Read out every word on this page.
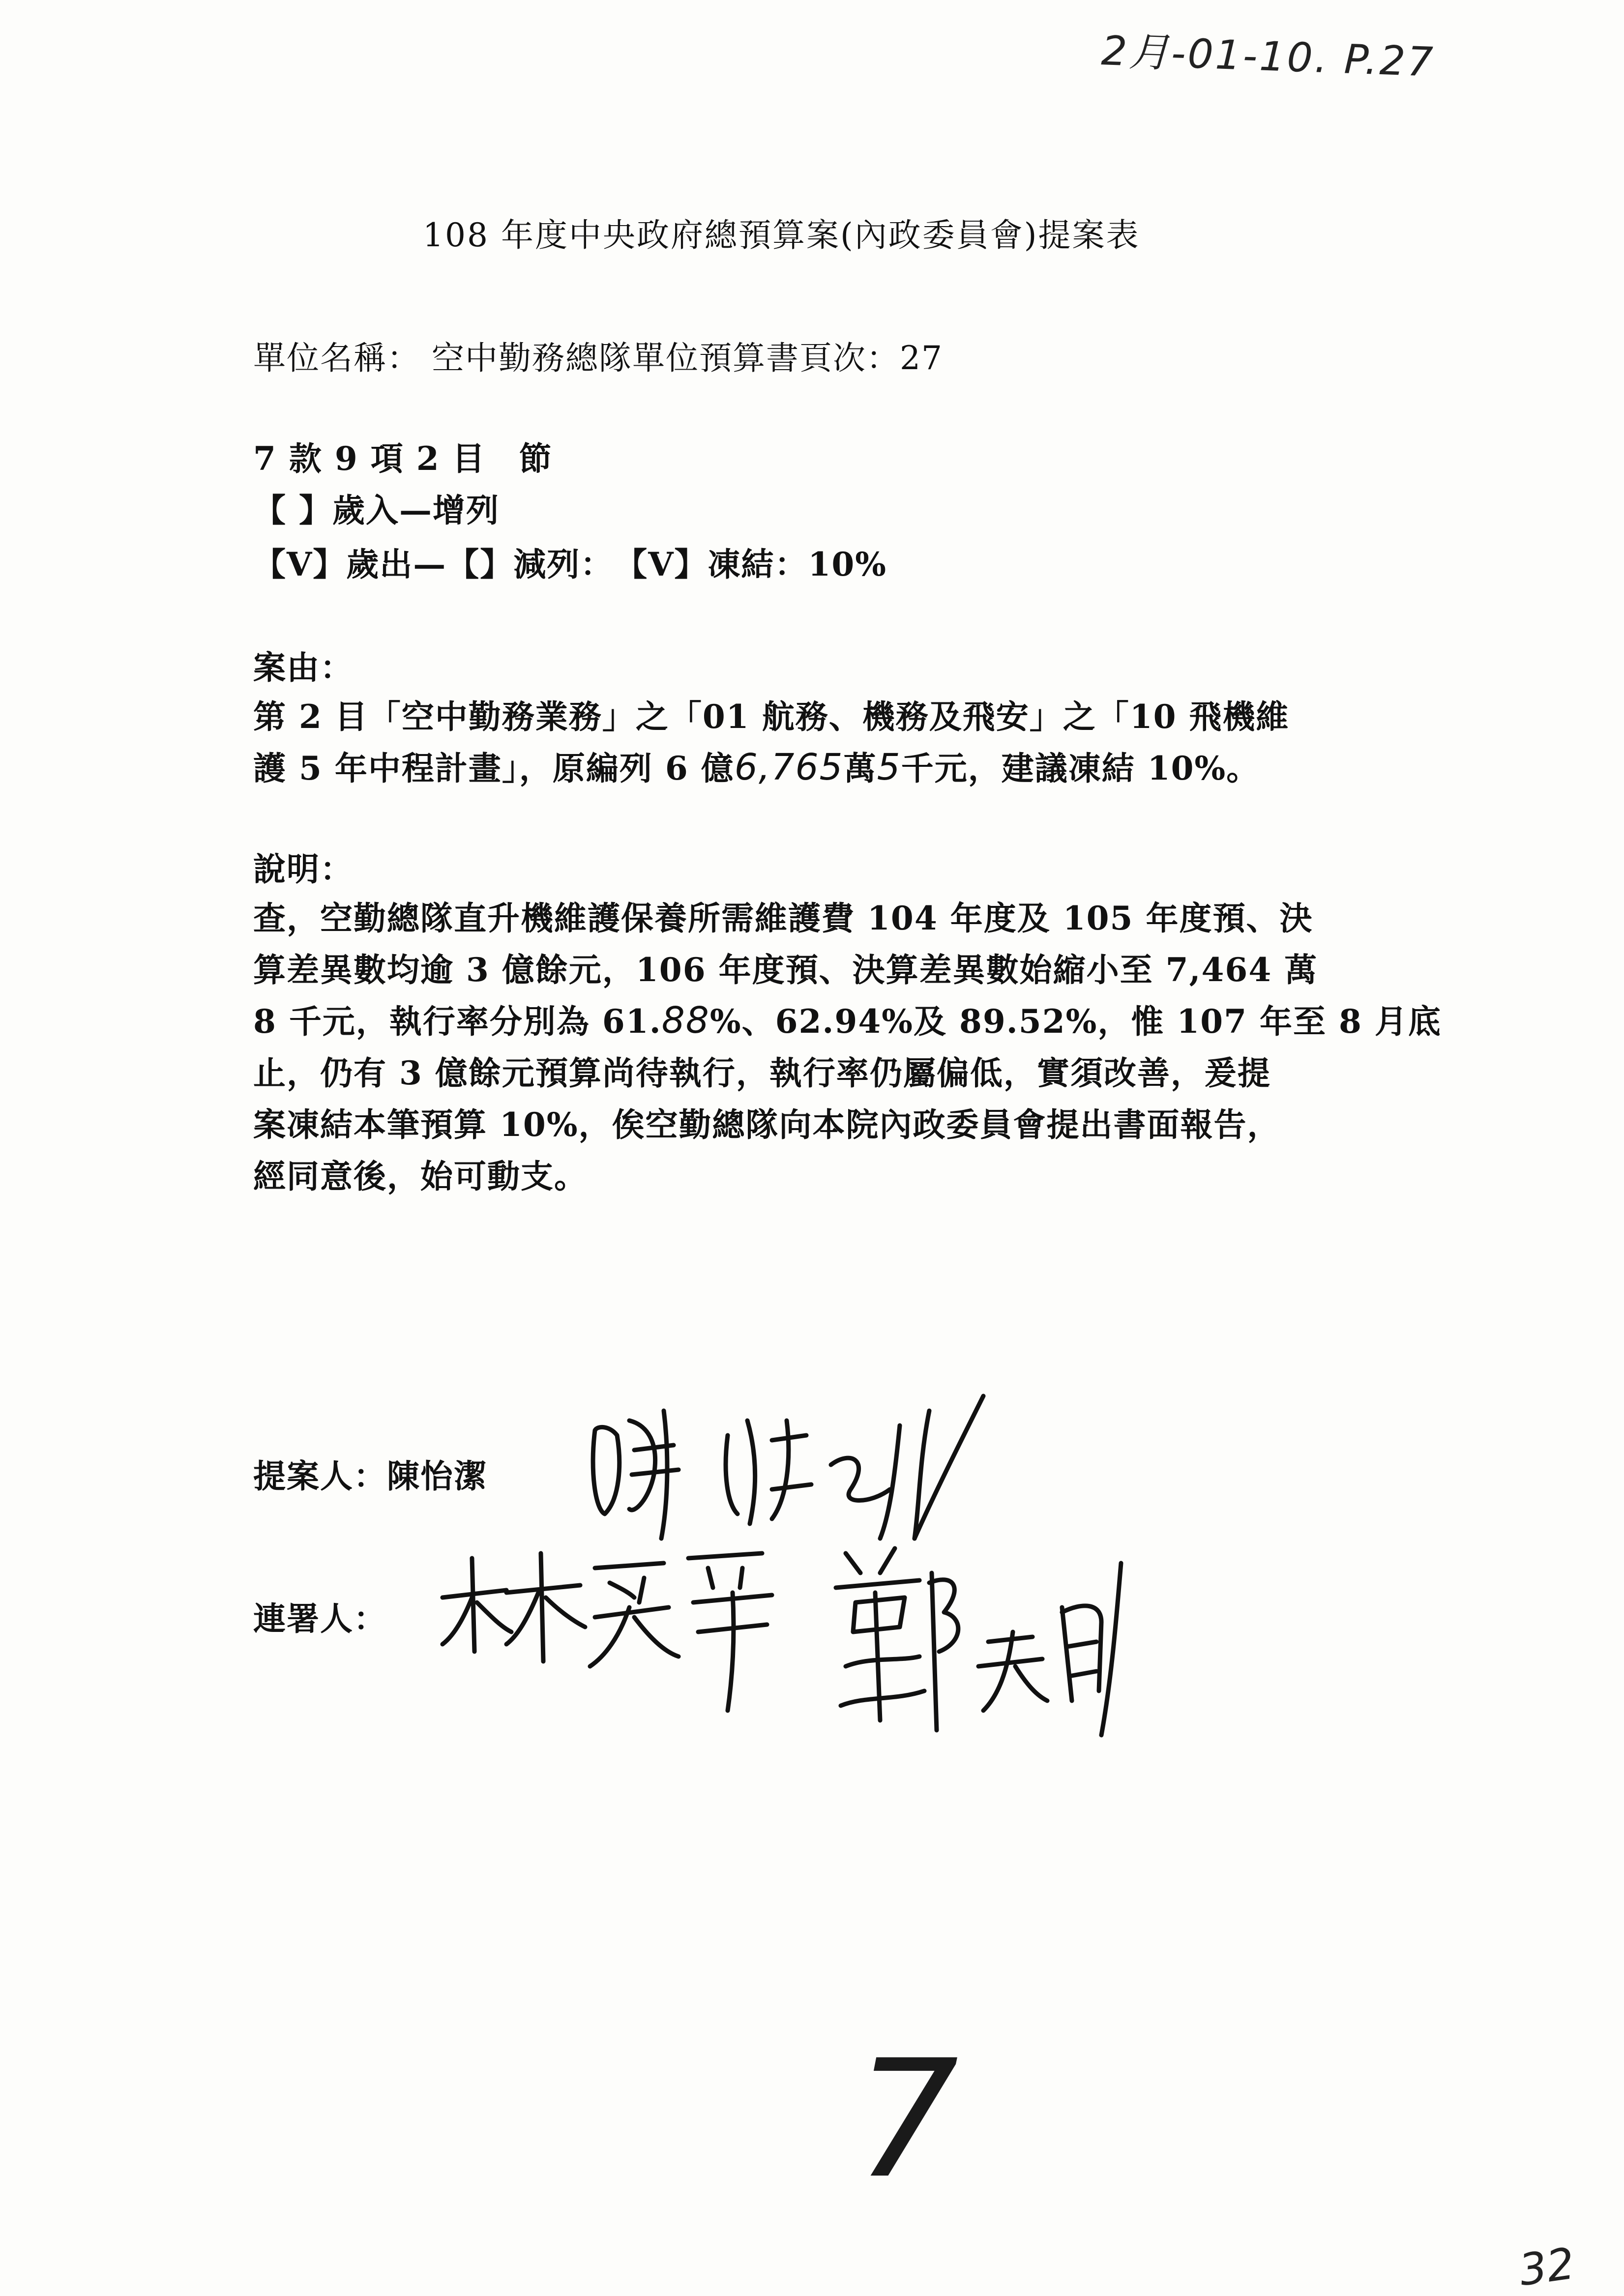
2月-01-10. P.27
108 年度中央政府總預算案(內政委員會)提案表
單位名稱： 空中勤務總隊單位預算書頁次：27
7 款 9 項 2 目　節
【 】歲入—增列
【V】歲出—【】減列：　【V】凍結：10%
案由：
第 2 目「空中勤務業務」之「01 航務、機務及飛安」之「10 飛機維
護 5 年中程計畫」，原編列 6 億6,765萬5千元，建議凍結 10%。
說明：
查，空勤總隊直升機維護保養所需維護費 104 年度及 105 年度預、決
算差異數均逾 3 億餘元，106 年度預、決算差異數始縮小至 7,464 萬
8 千元，執行率分別為 61.88%、62.94%及 89.52%，惟 107 年至 8 月底
止，仍有 3 億餘元預算尚待執行，執行率仍屬偏低，實須改善，爰提
案凍結本筆預算 10%，俟空勤總隊向本院內政委員會提出書面報告，
經同意後，始可動支。
提案人：陳怡潔
連署人：
7
32
